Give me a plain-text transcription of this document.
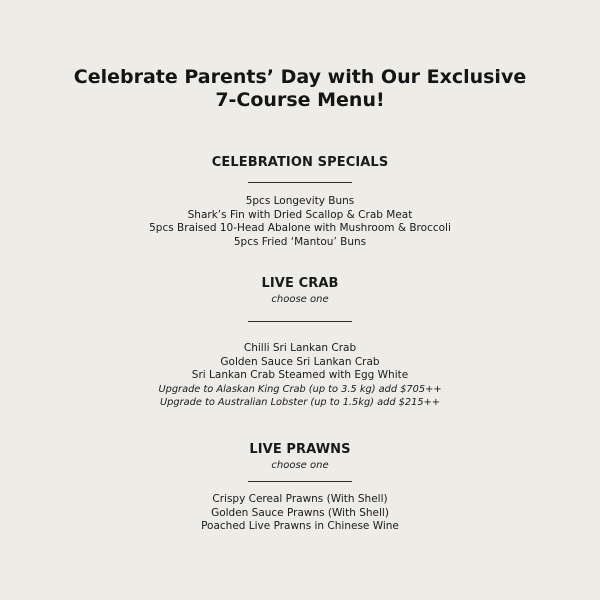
Celebrate Parents’ Day with Our Exclusive
7-Course Menu!
CELEBRATION SPECIALS
5pcs Longevity Buns
Shark’s Fin with Dried Scallop & Crab Meat
5pcs Braised 10-Head Abalone with Mushroom & Broccoli
5pcs Fried ‘Mantou’ Buns
LIVE CRAB
choose one
Chilli Sri Lankan Crab
Golden Sauce Sri Lankan Crab
Sri Lankan Crab Steamed with Egg White
Upgrade to Alaskan King Crab (up to 3.5 kg) add $705++
Upgrade to Australian Lobster (up to 1.5kg) add $215++
LIVE PRAWNS
choose one
Crispy Cereal Prawns (With Shell)
Golden Sauce Prawns (With Shell)
Poached Live Prawns in Chinese Wine
